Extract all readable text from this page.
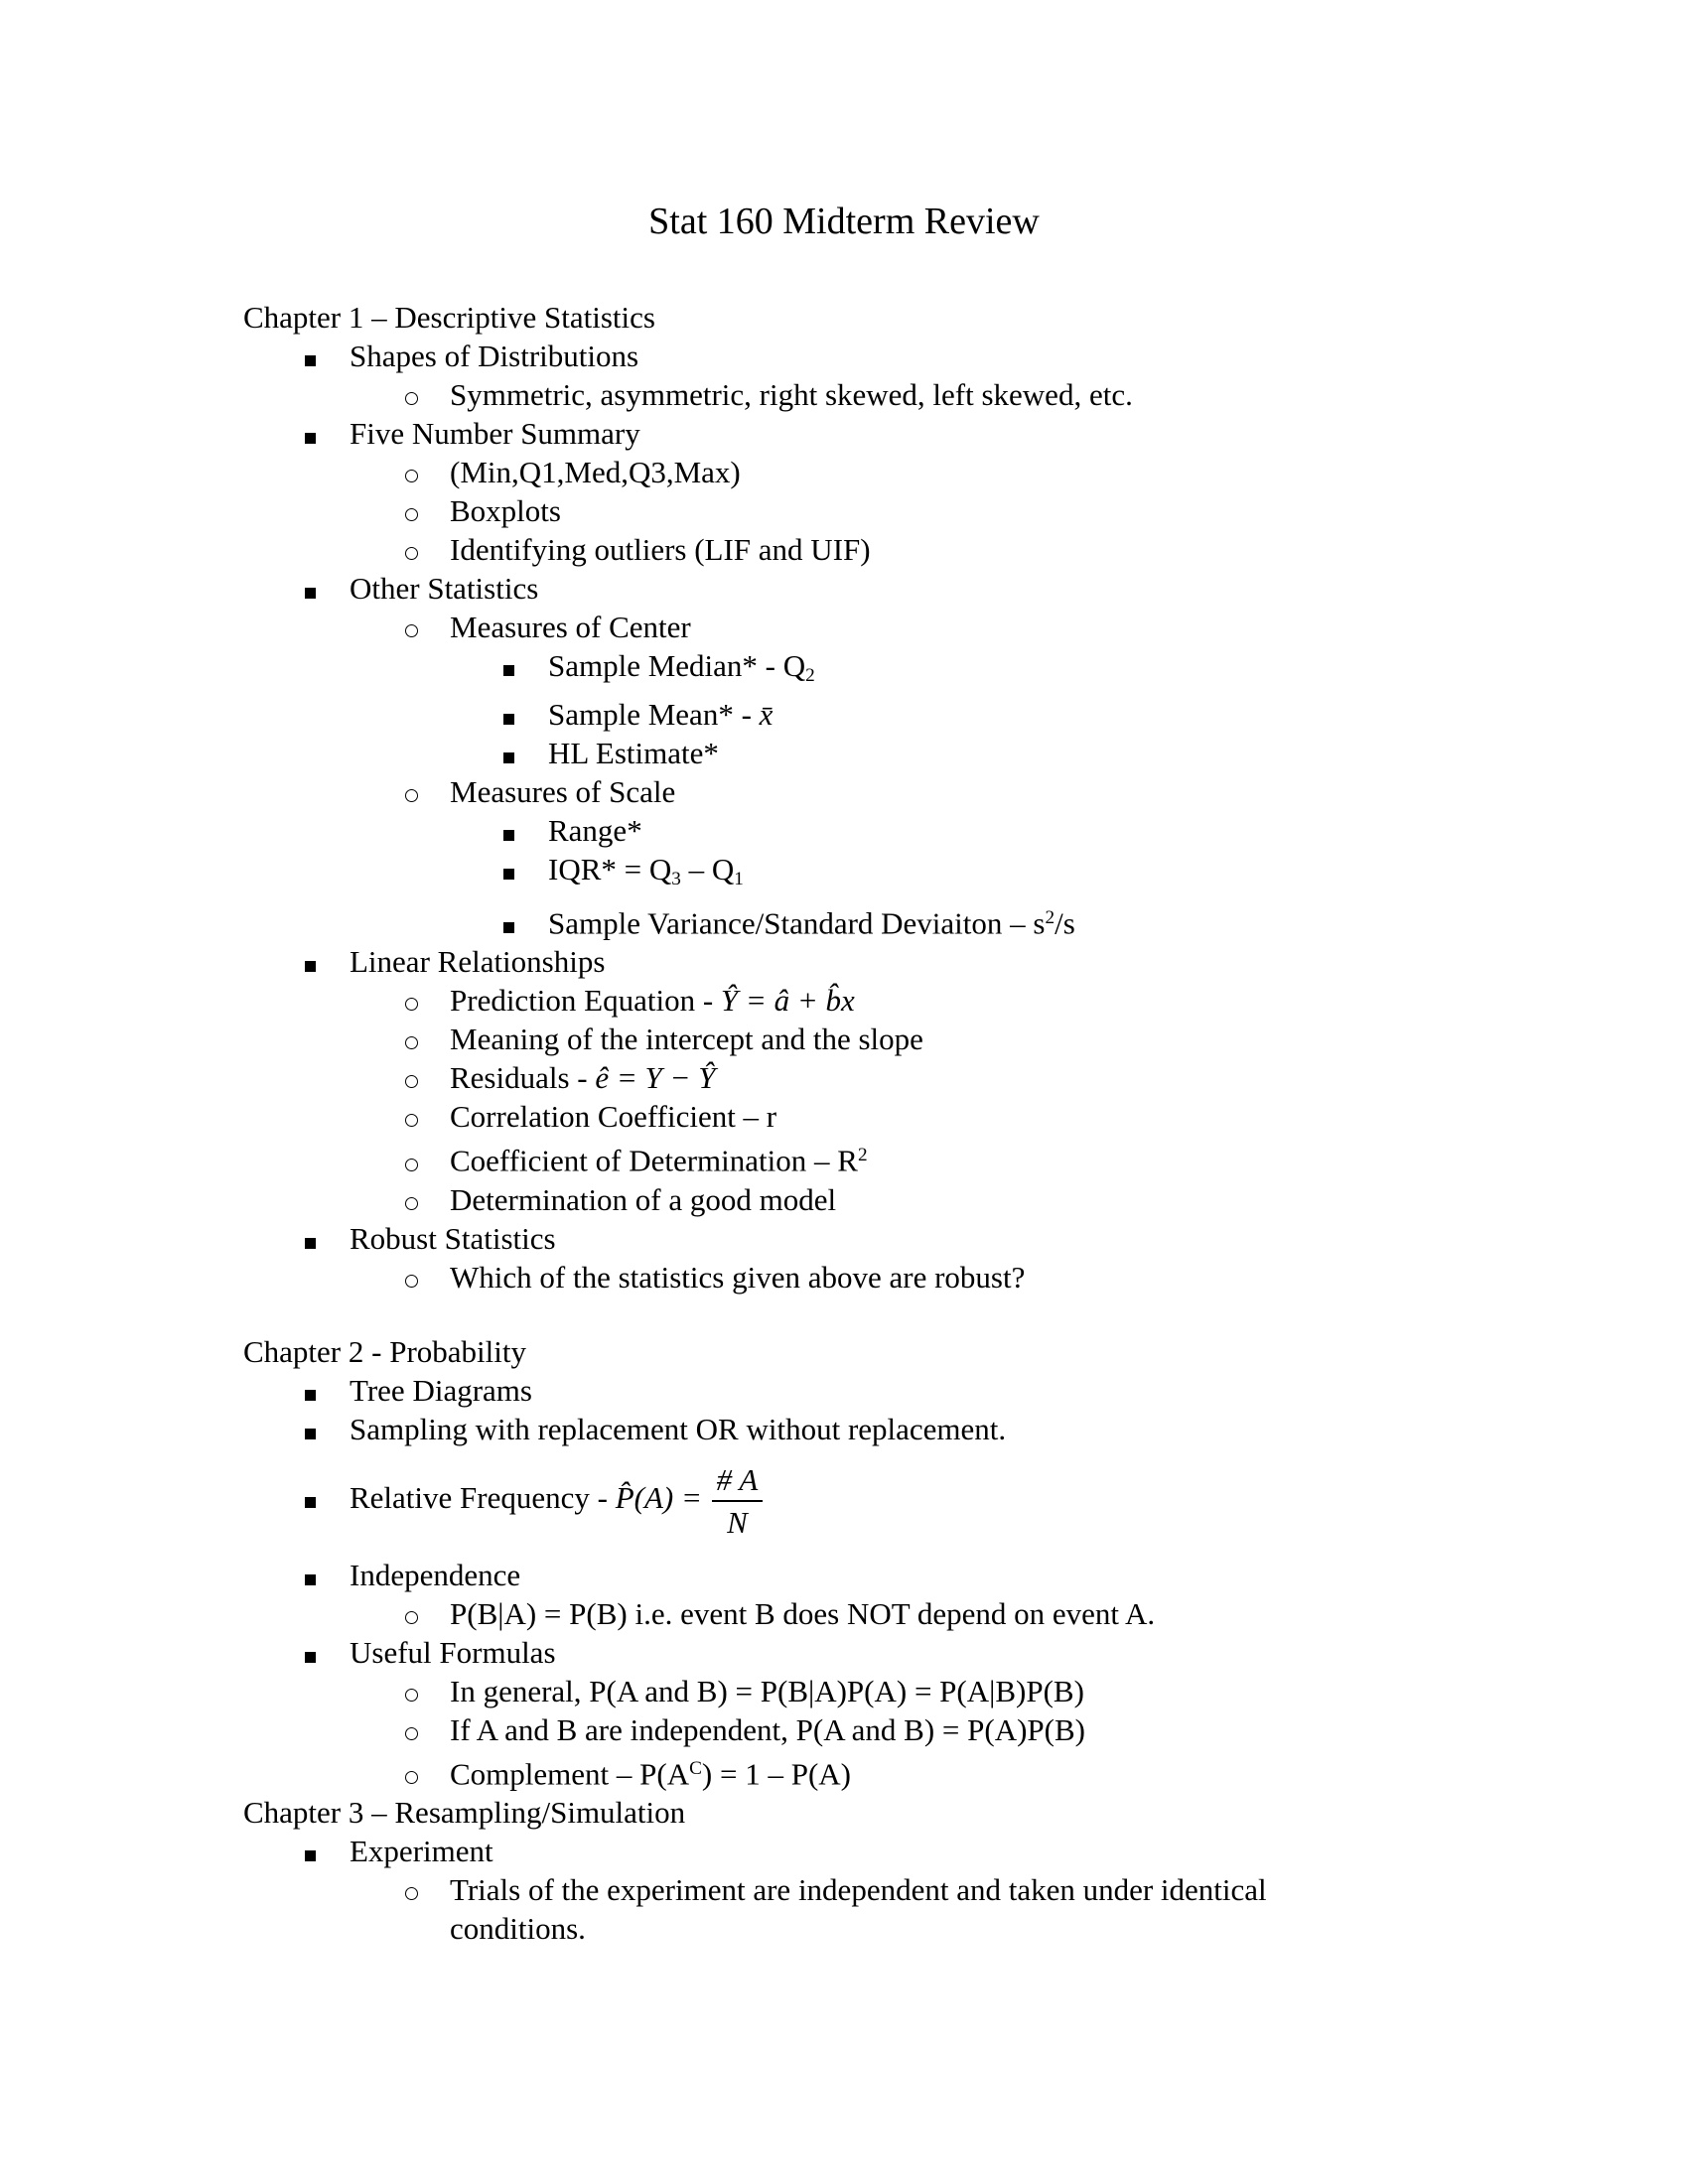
Stat 160 Midterm Review
Chapter 1 – Descriptive Statistics
Shapes of Distributions
Symmetric, asymmetric, right skewed, left skewed, etc.
Five Number Summary
(Min,Q1,Med,Q3,Max)
Boxplots
Identifying outliers (LIF and UIF)
Other Statistics
Measures of Center
Sample Median* - Q2
Sample Mean* - x̄
HL Estimate*
Measures of Scale
Range*
IQR* = Q3 – Q1
Sample Variance/Standard Deviaiton – $s^2/s$
Linear Relationships
Prediction Equation - Ŷ = â + b̂x
Meaning of the intercept and the slope
Residuals - ê = Y − Ŷ
Correlation Coefficient – r
Coefficient of Determination – $R^2$
Determination of a good model
Robust Statistics
Which of the statistics given above are robust?
Chapter 2 - Probability
Tree Diagrams
Sampling with replacement OR without replacement.
Relative Frequency - P̂(A) = $\frac{\# A}{N}$
Independence
P(B|A) = P(B) i.e. event B does NOT depend on event A.
Useful Formulas
In general, P(A and B) = P(B|A)P(A) = P(A|B)P(B)
If A and B are independent, P(A and B) = P(A)P(B)
Complement – $P(A^C) = 1 - P(A)$
Chapter 3 – Resampling/Simulation
Experiment
Trials of the experiment are independent and taken under identical
conditions.
